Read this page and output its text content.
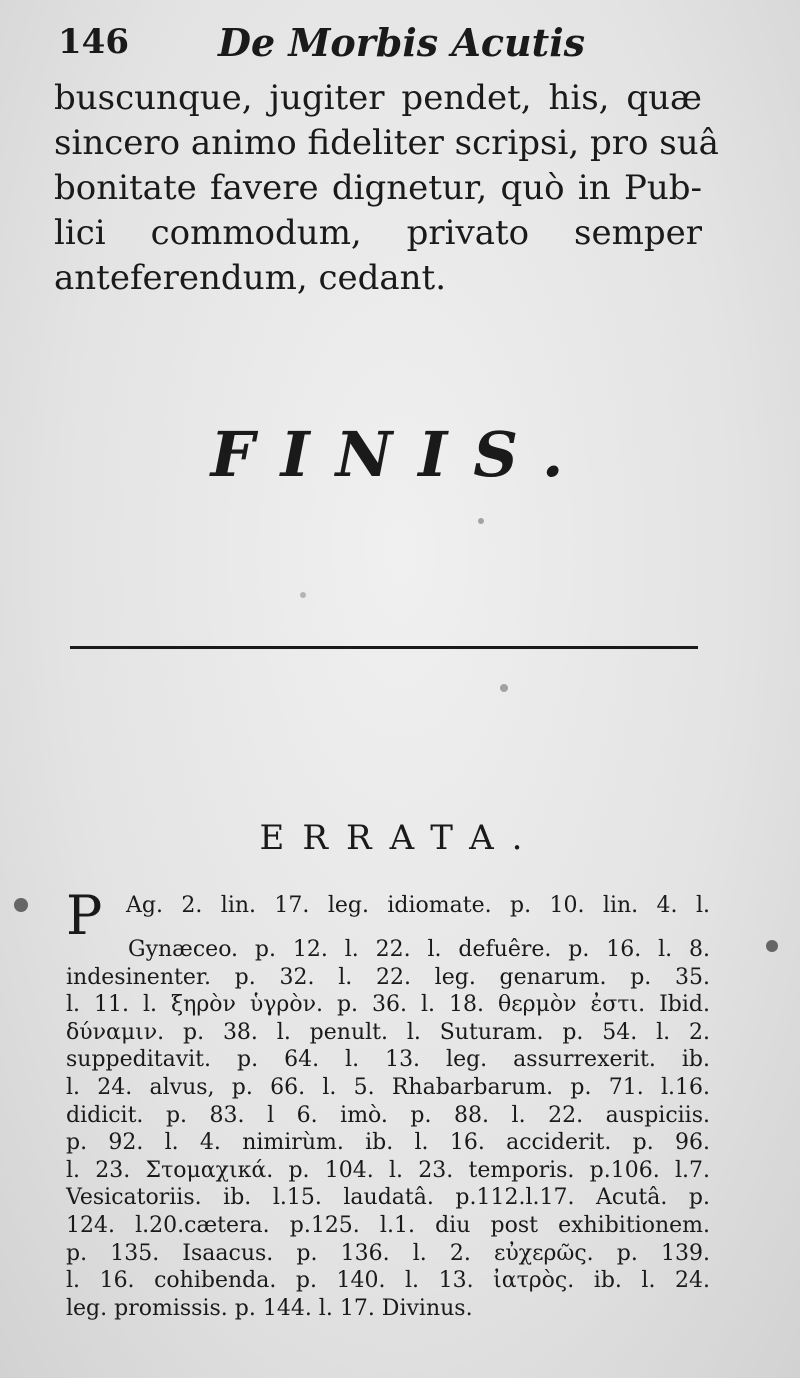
146 De Morbis Acutis
buscunque, jugiter pendet, his, quæ
sincero animo fideliter scripsi, pro suâ
bonitate favere dignetur, quò in Pub-
lici commodum, privato semper
anteferendum, cedant.
FINIS.
ERRATA.
P Ag. 2. lin. 17. leg. idiomate. p. 10. lin. 4. l.
Gynæceo. p. 12. l. 22. l. defuêre. p. 16. l. 8.
indesinenter. p. 32. l. 22. leg. genarum. p. 35.
l. 11. l. ξηρὸν ὑγρὸν. p. 36. l. 18. θερμὸν ἐστι. Ibid.
δύναμιν. p. 38. l. penult. l. Suturam. p. 54. l. 2.
suppeditavit. p. 64. l. 13. leg. assurrexerit. ib.
l. 24. alvus, p. 66. l. 5. Rhabarbarum. p. 71. l.16.
didicit. p. 83. l 6. imò. p. 88. l. 22. auspiciis.
p. 92. l. 4. nimirùm. ib. l. 16. acciderit. p. 96.
l. 23. Στομαχικά. p. 104. l. 23. temporis. p.106. l.7.
Vesicatoriis. ib. l.15. laudatâ. p.112.l.17. Acutâ. p.
124. l.20.cætera. p.125. l.1. diu post exhibitionem.
p. 135. Isaacus. p. 136. l. 2. εὐχερῶς. p. 139.
l. 16. cohibenda. p. 140. l. 13. ἰατρὸς. ib. l. 24.
leg. promissis. p. 144. l. 17. Divinus.
